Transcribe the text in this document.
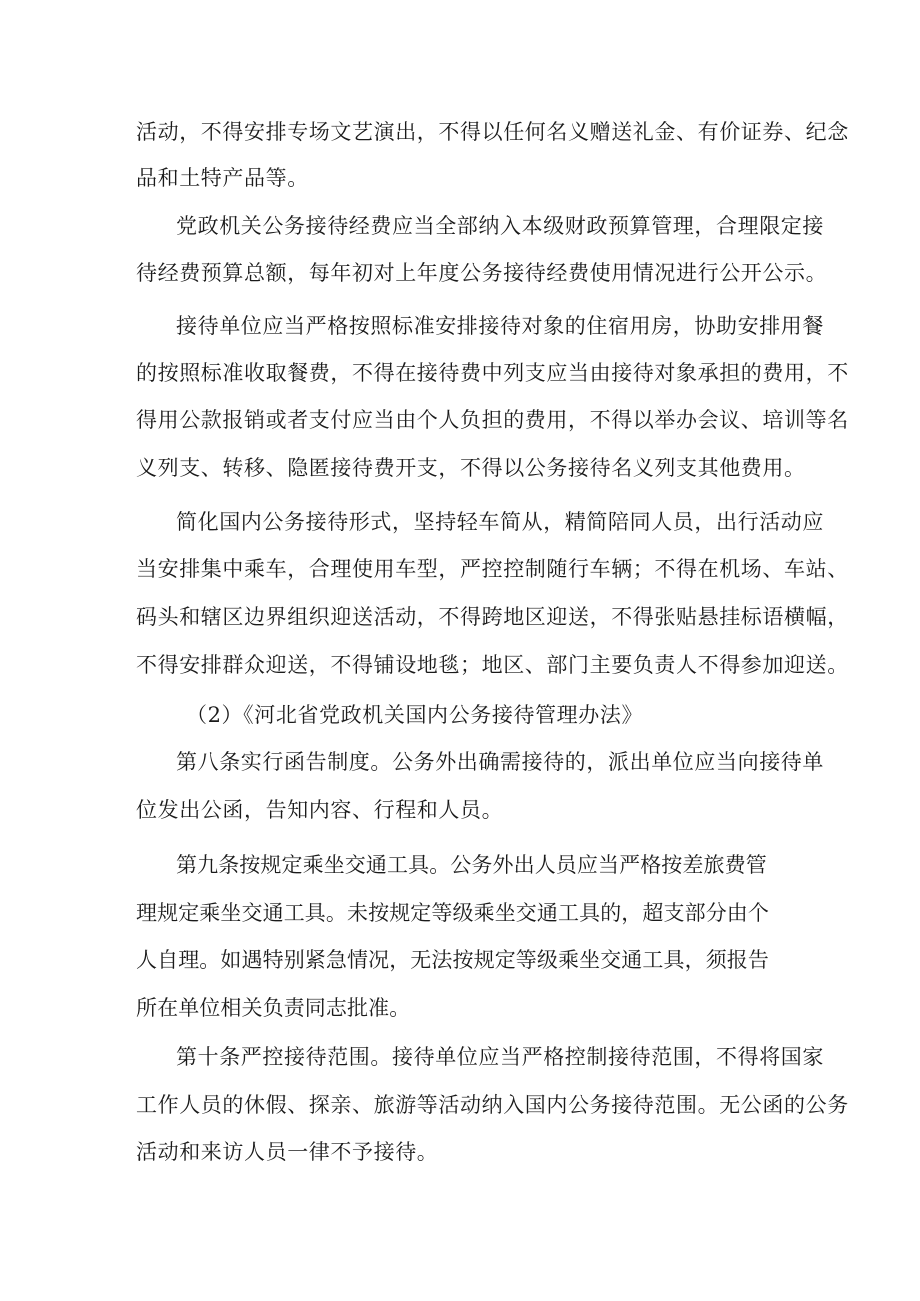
活动，不得安排专场文艺演出，不得以任何名义赠送礼金、有价证券、纪念
品和土特产品等。
党政机关公务接待经费应当全部纳入本级财政预算管理，合理限定接
待经费预算总额，每年初对上年度公务接待经费使用情况进行公开公示。
接待单位应当严格按照标准安排接待对象的住宿用房，协助安排用餐
的按照标准收取餐费，不得在接待费中列支应当由接待对象承担的费用，不
得用公款报销或者支付应当由个人负担的费用，不得以举办会议、培训等名
义列支、转移、隐匿接待费开支，不得以公务接待名义列支其他费用。
简化国内公务接待形式，坚持轻车简从，精简陪同人员，出行活动应
当安排集中乘车，合理使用车型，严控控制随行车辆；不得在机场、车站、
码头和辖区边界组织迎送活动，不得跨地区迎送，不得张贴悬挂标语横幅，
不得安排群众迎送，不得铺设地毯；地区、部门主要负责人不得参加迎送。
（2）《河北省党政机关国内公务接待管理办法》
第八条实行函告制度。公务外出确需接待的，派出单位应当向接待单
位发出公函，告知内容、行程和人员。
第九条按规定乘坐交通工具。公务外出人员应当严格按差旅费管
理规定乘坐交通工具。未按规定等级乘坐交通工具的，超支部分由个
人自理。如遇特别紧急情况，无法按规定等级乘坐交通工具，须报告
所在单位相关负责同志批准。
第十条严控接待范围。接待单位应当严格控制接待范围，不得将国家
工作人员的休假、探亲、旅游等活动纳入国内公务接待范围。无公函的公务
活动和来访人员一律不予接待。
